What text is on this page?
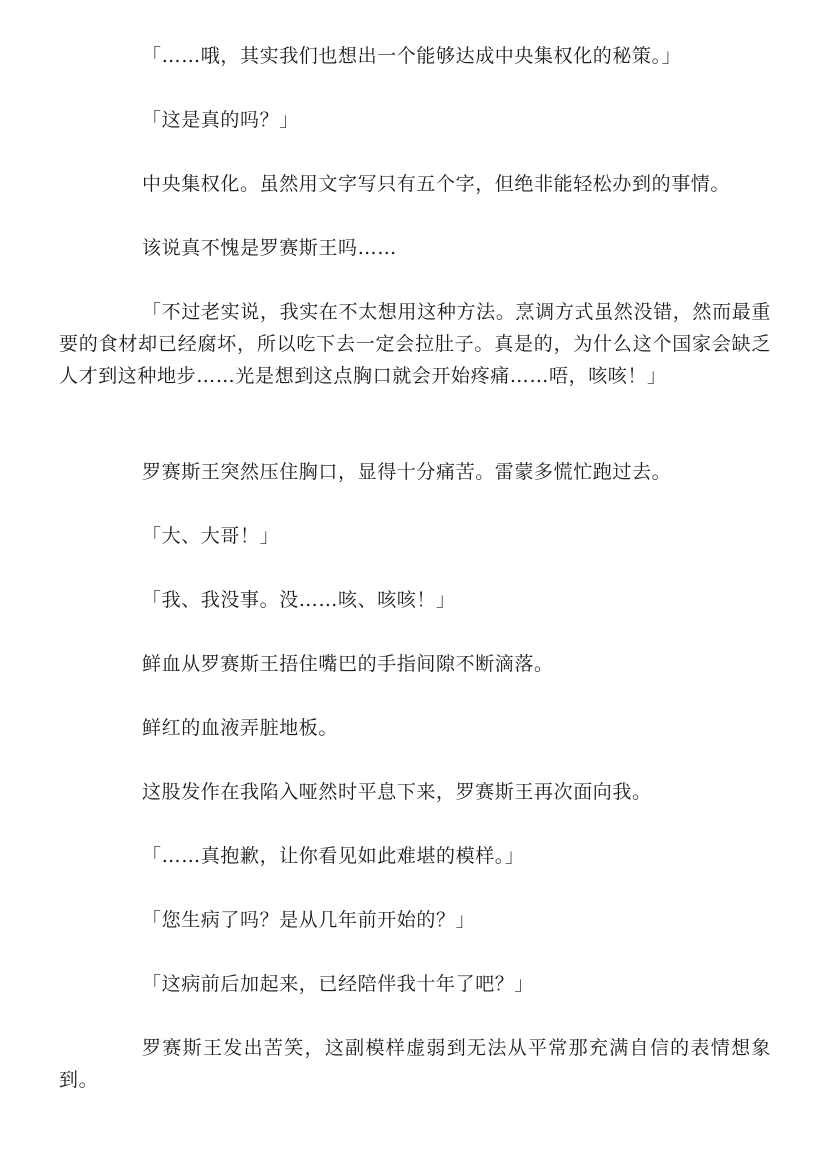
「……哦，其实我们也想出一个能够达成中央集权化的秘策。」

「这是真的吗？」

中央集权化。虽然用文字写只有五个字，但绝非能轻松办到的事情。

该说真不愧是罗赛斯王吗……

「不过老实说，我实在不太想用这种方法。烹调方式虽然没错，然而最重要的食材却已经腐坏，所以吃下去一定会拉肚子。真是的，为什么这个国家会缺乏人才到这种地步……光是想到这点胸口就会开始疼痛……唔，咳咳！」

罗赛斯王突然压住胸口，显得十分痛苦。雷蒙多慌忙跑过去。

「大、大哥！」

「我、我没事。没……咳、咳咳！」

鲜血从罗赛斯王捂住嘴巴的手指间隙不断滴落。

鲜红的血液弄脏地板。

这股发作在我陷入哑然时平息下来，罗赛斯王再次面向我。

「……真抱歉，让你看见如此难堪的模样。」

「您生病了吗？是从几年前开始的？」

「这病前后加起来，已经陪伴我十年了吧？」

罗赛斯王发出苦笑，这副模样虚弱到无法从平常那充满自信的表情想象到。
